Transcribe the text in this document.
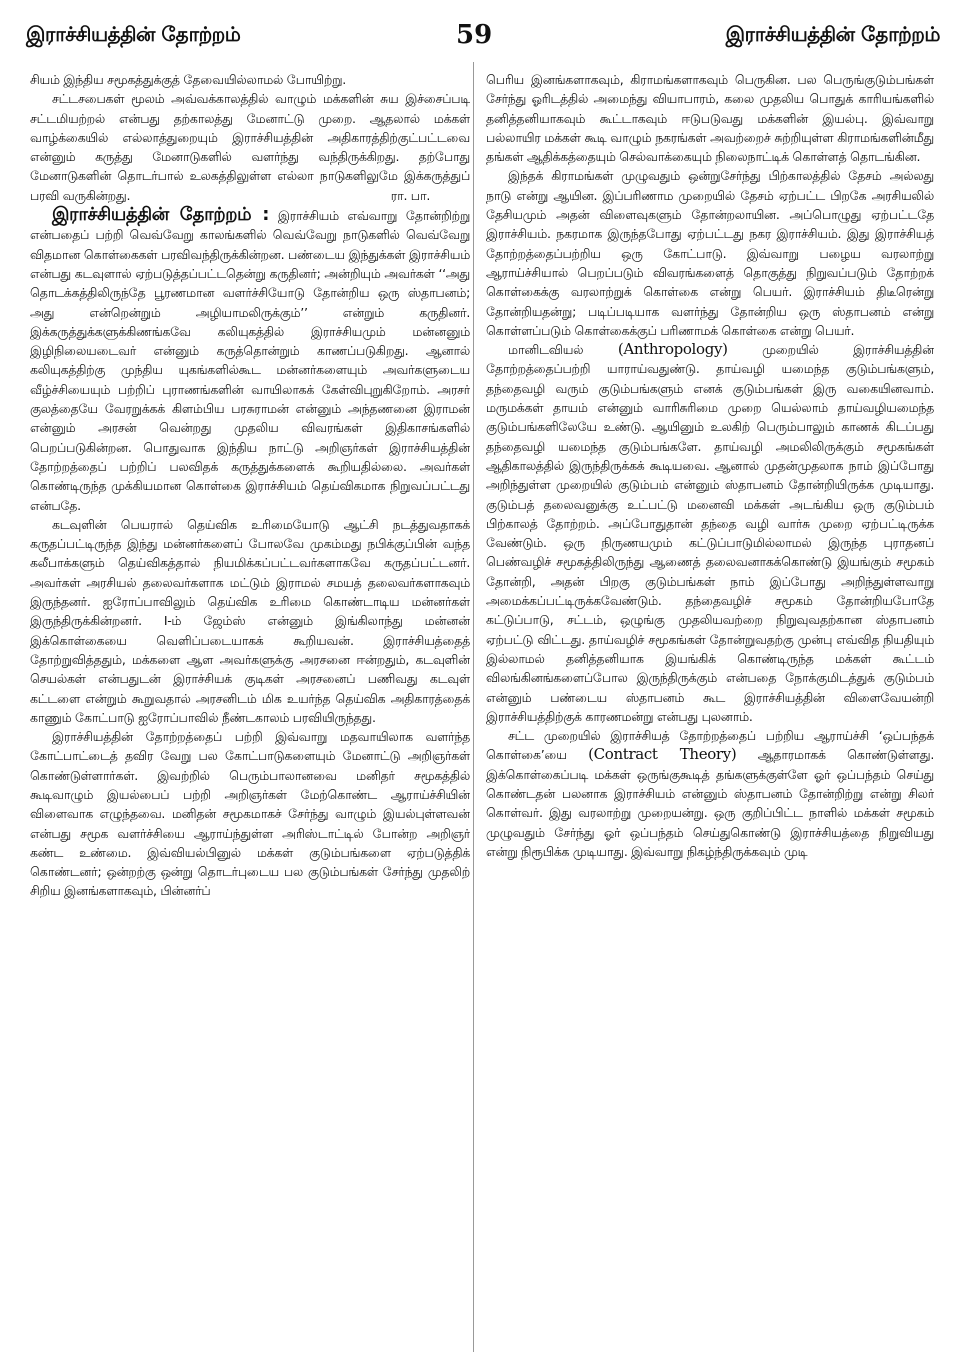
இராச்சியத்தின் தோற்றம்	59	இராச்சியத்தின் தோற்றம்

சியம் இந்திய சமூகத்துக்குத் தேவையில்லாமல் போயிற்று.

சட்டசபைகள் மூலம் அவ்வக்காலத்தில் வாழும் மக்களின் சுய இச்சைப்படி சட்டமியற்றல் என்பது தற்காலத்து மேனாட்டு முறை. ஆதலால் மக்கள் வாழ்க்கையில் எல்லாத்துறையும் இராச்சியத்தின் அதிகாரத்திற்குட்பட்டவை என்னும் கருத்து மேனாடுகளில் வளர்ந்து வந்திருக்கிறது. தற்போது மேனாடுகளின் தொடர்பால் உலகத்திலுள்ள எல்லா நாடுகளிலுமே இக்கருத்துப் பரவி வருகின்றது.	ரா. பா.

இராச்சியத்தின் தோற்றம் : இராச்சியம் எவ்வாறு தோன்றிற்று என்பதைப் பற்றி வெவ்வேறு காலங்களில் வெவ்வேறு நாடுகளில் வெவ்வேறு விதமான கொள்கைகள் பரவிவந்திருக்கின்றன. பண்டைய இந்துக்கள் இராச்சியம் என்பது கடவுளால் ஏற்படுத்தப்பட்டதென்று கருதினர்; அன்றியும் அவர்கள் ‘‘அது தொடக்கத்திலிருந்தே பூரணமான வளர்ச்சியோடு தோன்றிய ஒரு ஸ்தாபனம்; அது என்றென்றும் அழியாமலிருக்கும்’’ என்றும் கருதினர். இக்கருத்துக்களுக்கிணங்கவே கலியுகத்தில் இராச்சியமும் மன்னனும் இழிநிலையடைவர் என்னும் கருத்தொன்றும் காணப்படுகிறது. ஆனால் கலியுகத்திற்கு முந்திய யுகங்களில்கூட மன்னர்களையும் அவர்களுடைய வீழ்ச்சியையும் பற்றிப் புராணங்களின் வாயிலாகக் கேள்விபுறுகிறோம். அரசர் குலத்தையே வேரறுக்கக் கிளம்பிய பரசுராமன் என்னும் அந்தணனை இராமன் என்னும் அரசன் வென்றது முதலிய விவரங்கள் இதிகாசங்களில் பெறப்படுகின்றன. பொதுவாக இந்திய நாட்டு அறிஞர்கள் இராச்சியத்தின் தோற்றத்தைப் பற்றிப் பலவிதக் கருத்துக்களைக் கூறியதில்லை. அவர்கள் கொண்டிருந்த முக்கியமான கொள்கை இராச்சியம் தெய்விகமாக நிறுவப்பட்டது என்பதே.

கடவுளின் பெயரால் தெய்விக உரிமையோடு ஆட்சி நடத்துவதாகக் கருதப்பட்டிருந்த இந்து மன்னர்களைப் போலவே முகம்மது நபிக்குப்பின் வந்த கலீபாக்களும் தெய்விகத்தால் நியமிக்கப்பட்டவர்களாகவே கருதப்பட்டனர். அவர்கள் அரசியல் தலைவர்களாக மட்டும் இராமல் சமயத் தலைவர்களாகவும் இருந்தனர். ஐரோப்பாவிலும் தெய்விக உரிமை கொண்டாடிய மன்னர்கள் இருந்திருக்கின்றனர். I-ம் ஜேம்ஸ் என்னும் இங்கிலாந்து மன்னன் இக்கொள்கையை வெளிப்படையாகக் கூறியவன். இராச்சியத்தைத் தோற்றுவித்ததும், மக்களை ஆள அவர்களுக்கு அரசனை ஈன்றதும், கடவுளின் செயல்கள் என்பதுடன் இராச்சியக் குடிகள் அரசனைப் பணிவது கடவுள் கட்டளை என்றும் கூறுவதால் அரசனிடம் மிக உயர்ந்த தெய்விக அதிகாரத்தைக் காணும் கோட்பாடு ஐரோப்பாவில் நீண்டகாலம் பரவியிருந்தது.

இராச்சியத்தின் தோற்றத்தைப் பற்றி இவ்வாறு மதவாயிலாக வளர்ந்த கோட்பாட்டைத் தவிர வேறு பல கோட்பாடுகளையும் மேனாட்டு அறிஞர்கள் கொண்டுள்ளார்கள். இவற்றில் பெரும்பாலானவை மனிதர் சமூகத்தில் கூடிவாழும் இயல்பைப் பற்றி அறிஞர்கள் மேற்கொண்ட ஆராய்ச்சியின் விளைவாக எழுந்தவை. மனிதன் சமூகமாகச் சேர்ந்து வாழும் இயல்புள்ளவன் என்பது சமூக வளர்ச்சியை ஆராய்ந்துள்ள அரிஸ்டாட்டில் போன்ற அறிஞர் கண்ட உண்மை. இவ்வியல்பினுல் மக்கள் குடும்பங்களை ஏற்படுத்திக் கொண்டனர்; ஒன்றற்கு ஒன்று தொடர்புடைய பல குடும்பங்கள் சேர்ந்து முதலிற் சிறிய இனங்களாகவும், பின்னர்ப்

பெரிய இனங்களாகவும், கிராமங்களாகவும் பெருகின. பல பெருங்குடும்பங்கள் சேர்ந்து ஓரிடத்தில் அமைந்து வியாபாரம், கலை முதலிய பொதுக் காரியங்களில் தனித்தனியாகவும் கூட்டாகவும் ஈடுபடுவது மக்களின் இயல்பு. இவ்வாறு பல்லாயிர மக்கள் கூடி வாழும் நகரங்கள் அவற்றைச் சுற்றியுள்ள கிராமங்களின்மீது தங்கள் ஆதிக்கத்தையும் செல்வாக்கையும் நிலைநாட்டிக் கொள்ளத் தொடங்கின.

இந்தக் கிராமங்கள் முழுவதும் ஒன்றுசேர்ந்து பிற்காலத்தில் தேசம் அல்லது நாடு என்று ஆயின. இப்பரிணாம முறையில் தேசம் ஏற்பட்ட பிறகே அரசியலில் தேசியமும் அதன் விளைவுகளும் தோன்றலாயின. அப்பொழுது ஏற்பட்டதே இராச்சியம். நகரமாக இருந்தபோது ஏற்பட்டது நகர இராச்சியம். இது இராச்சியத் தோற்றத்தைப்பற்றிய ஒரு கோட்பாடு. இவ்வாறு பழைய வரலாற்று ஆராய்ச்சியால் பெறப்படும் விவரங்களைத் தொகுத்து நிறுவப்படும் தோற்றக் கொள்கைக்கு வரலாற்றுக் கொள்கை என்று பெயர். இராச்சியம் திடீரென்று தோன்றியதன்று; படிப்படியாக வளர்ந்து தோன்றிய ஒரு ஸ்தாபனம் என்று கொள்ளப்படும் கொள்கைக்குப் பரிணாமக் கொள்கை என்று பெயர்.

மானிடவியல் (Anthropology)	முறையில் இராச்சியத்தின் தோற்றத்தைப்பற்றி யாராய்வதுண்டு. தாய்வழி யமைந்த குடும்பங்களும், தந்தைவழி வரும் குடும்பங்களும் எனக் குடும்பங்கள் இரு வகையினவாம். மருமக்கள் தாயம் என்னும் வாரிசுரிமை முறை யெல்லாம் தாய்வழியமைந்த குடும்பங்களிலேயே உண்டு. ஆயினும் உலகிற் பெரும்பாலும் காணக் கிடப்பது தந்தைவழி யமைந்த குடும்பங்களே. தாய்வழி அமலிலிருக்கும் சமூகங்கள் ஆதிகாலத்தில் இருந்திருக்கக் கூடியவை. ஆனால் முதன்முதலாக நாம் இப்போது அறிந்துள்ள முறையில் குடும்பம் என்னும் ஸ்தாபனம் தோன்றியிருக்க முடியாது. குடும்பத் தலைவனுக்கு உட்பட்டு மனைவி மக்கள் அடங்கிய ஒரு குடும்பம் பிற்காலத் தோற்றம். அப்போதுதான் தந்தை வழி வார்சு முறை ஏற்பட்டிருக்க வேண்டும். ஒரு நிருணயமும் கட்டுப்பாடுமில்லாமல் இருந்த புராதனப் பெண்வழிச் சமூகத்திலிருந்து ஆணைத் தலைவனாகக்கொண்டு இயங்கும் சமூகம் தோன்றி, அதன் பிறகு குடும்பங்கள் நாம் இப்போது அறிந்துள்ளவாறு அமைக்கப்பட்டிருக்கவேண்டும். தந்தைவழிச் சமூகம் தோன்றியபோதே கட்டுப்பாடு, சட்டம், ஒழுங்கு முதலியவற்றை நிறுவுவதற்கான ஸ்தாபனம் ஏற்பட்டு விட்டது. தாய்வழிச் சமூகங்கள் தோன்றுவதற்கு முன்பு எவ்வித நியதியும் இல்லாமல் தனித்தனியாக இயங்கிக் கொண்டிருந்த மக்கள் கூட்டம் விலங்கினங்களைப்போல இருந்திருக்கும் என்பதை நோக்குமிடத்துக் குடும்பம் என்னும் பண்டைய ஸ்தாபனம் கூட இராச்சியத்தின் விளைவேயன்றி இராச்சியத்திற்குக் காரணமன்று என்பது புலனாம்.

சட்ட முறையில் இராச்சியத் தோற்றத்தைப் பற்றிய ஆராய்ச்சி ‘ஒப்பந்தக் கொள்கை’யை (Contract Theory) ஆதாரமாகக் கொண்டுள்ளது. இக்கொள்கைப்படி மக்கள் ஒருங்குகூடித் தங்களுக்குள்ளே ஓர் ஒப்பந்தம் செய்து கொண்டதன் பலனாக இராச்சியம் என்னும் ஸ்தாபனம் தோன்றிற்று என்று சிலர் கொள்வர். இது வரலாற்று முறையன்று. ஒரு குறிப்பிட்ட நாளில் மக்கள் சமூகம் முழுவதும் சேர்ந்து ஓர் ஒப்பந்தம் செய்துகொண்டு இராச்சியத்தை நிறுவியது என்று நிரூபிக்க முடியாது. இவ்வாறு நிகழ்ந்திருக்கவும் முடி
